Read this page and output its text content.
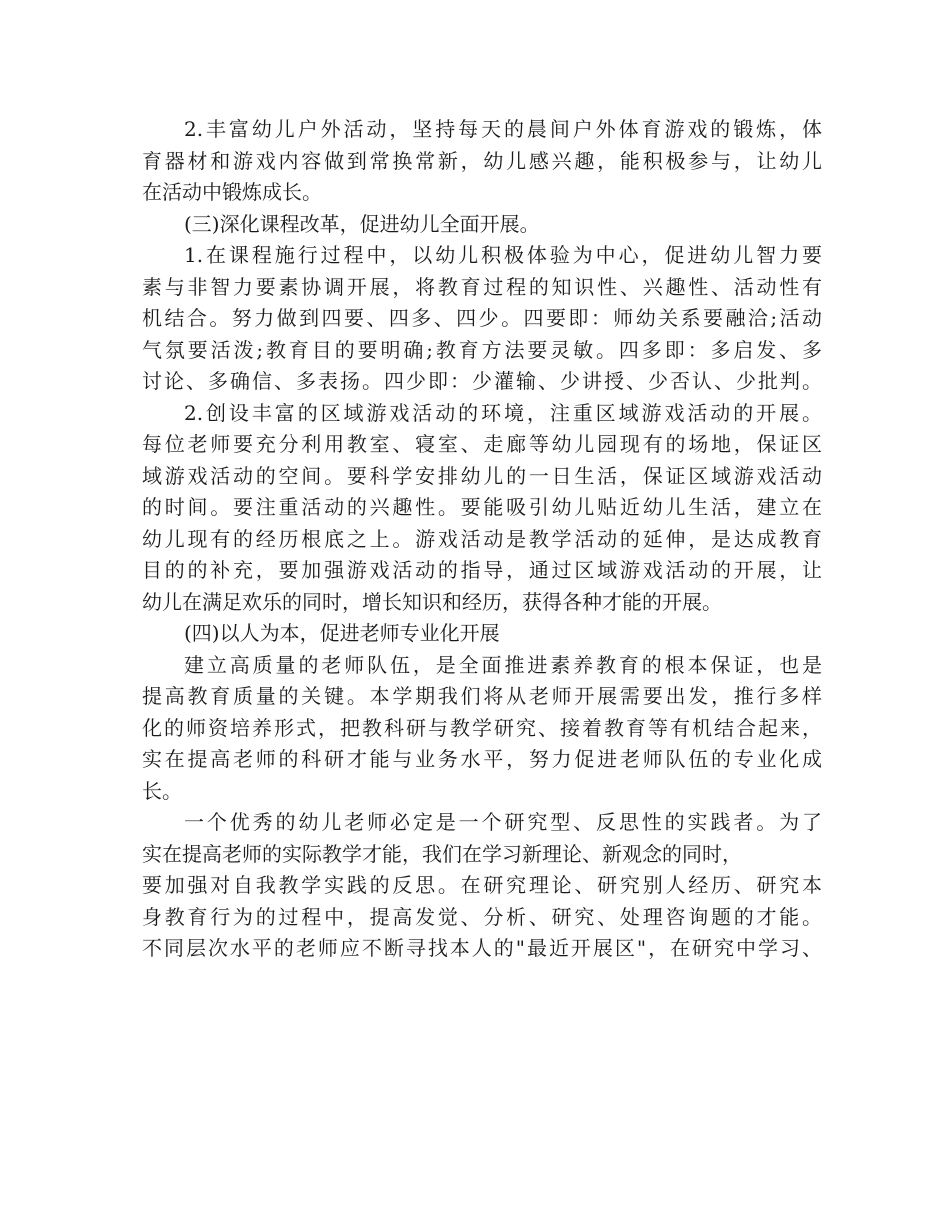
2.丰富幼儿户外活动，坚持每天的晨间户外体育游戏的锻炼，体
育器材和游戏内容做到常换常新，幼儿感兴趣，能积极参与，让幼儿
在活动中锻炼成长。
(三)深化课程改革，促进幼儿全面开展。
1.在课程施行过程中，以幼儿积极体验为中心，促进幼儿智力要
素与非智力要素协调开展，将教育过程的知识性、兴趣性、活动性有
机结合。努力做到四要、四多、四少。四要即：师幼关系要融洽;活动
气氛要活泼;教育目的要明确;教育方法要灵敏。四多即：多启发、多
讨论、多确信、多表扬。四少即：少灌输、少讲授、少否认、少批判。
2.创设丰富的区域游戏活动的环境，注重区域游戏活动的开展。
每位老师要充分利用教室、寝室、走廊等幼儿园现有的场地，保证区
域游戏活动的空间。要科学安排幼儿的一日生活，保证区域游戏活动
的时间。要注重活动的兴趣性。要能吸引幼儿贴近幼儿生活，建立在
幼儿现有的经历根底之上。游戏活动是教学活动的延伸，是达成教育
目的的补充，要加强游戏活动的指导，通过区域游戏活动的开展，让
幼儿在满足欢乐的同时，增长知识和经历，获得各种才能的开展。
(四)以人为本，促进老师专业化开展
建立高质量的老师队伍，是全面推进素养教育的根本保证，也是
提高教育质量的关键。本学期我们将从老师开展需要出发，推行多样
化的师资培养形式，把教科研与教学研究、接着教育等有机结合起来，
实在提高老师的科研才能与业务水平，努力促进老师队伍的专业化成
长。
一个优秀的幼儿老师必定是一个研究型、反思性的实践者。为了
实在提高老师的实际教学才能，我们在学习新理论、新观念的同时，
要加强对自我教学实践的反思。在研究理论、研究别人经历、研究本
身教育行为的过程中，提高发觉、分析、研究、处理咨询题的才能。
不同层次水平的老师应不断寻找本人的"最近开展区"，在研究中学习、
